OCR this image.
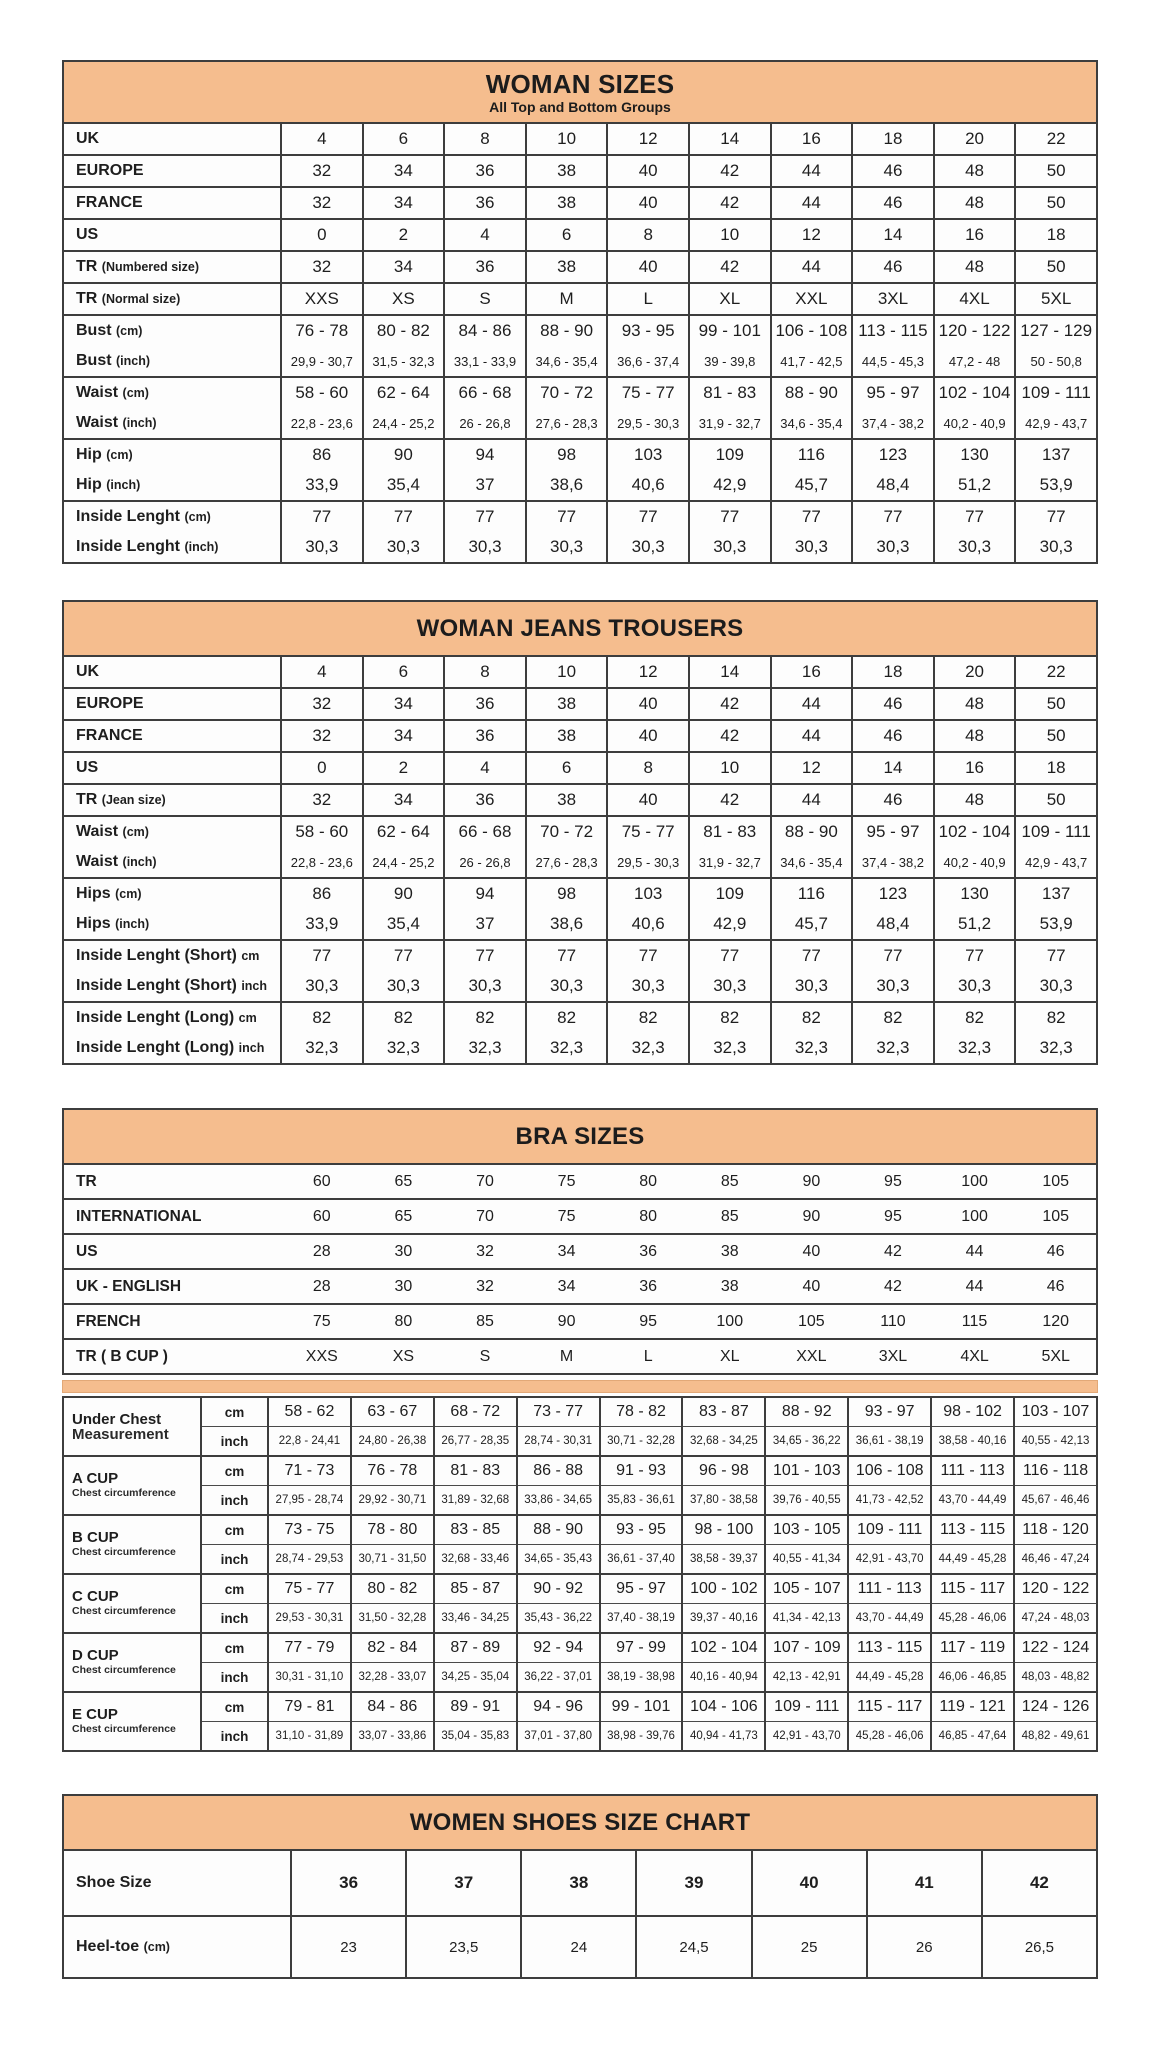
WOMAN SIZES
All Top and Bottom Groups
UK	4	6	8	10	12	14	16	18	20	22
EUROPE	32	34	36	38	40	42	44	46	48	50
FRANCE	32	34	36	38	40	42	44	46	48	50
US	0	2	4	6	8	10	12	14	16	18
TR (Numbered size)	32	34	36	38	40	42	44	46	48	50
TR (Normal size)	XXS	XS	S	M	L	XL	XXL	3XL	4XL	5XL
Bust (cm)	76 - 78	80 - 82	84 - 86	88 - 90	93 - 95	99 - 101	106 - 108	113 - 115	120 - 122	127 - 129
Bust (inch)	29,9 - 30,7	31,5 - 32,3	33,1 - 33,9	34,6 - 35,4	36,6 - 37,4	39 - 39,8	41,7 - 42,5	44,5 - 45,3	47,2 - 48	50 - 50,8
Waist (cm)	58 - 60	62 - 64	66 - 68	70 - 72	75 - 77	81 - 83	88 - 90	95 - 97	102 - 104	109 - 111
Waist (inch)	22,8 - 23,6	24,4 - 25,2	26 - 26,8	27,6 - 28,3	29,5 - 30,3	31,9 - 32,7	34,6 - 35,4	37,4 - 38,2	40,2 - 40,9	42,9 - 43,7
Hip (cm)	86	90	94	98	103	109	116	123	130	137
Hip (inch)	33,9	35,4	37	38,6	40,6	42,9	45,7	48,4	51,2	53,9
Inside Lenght (cm)	77	77	77	77	77	77	77	77	77	77
Inside Lenght (inch)	30,3	30,3	30,3	30,3	30,3	30,3	30,3	30,3	30,3	30,3
WOMAN JEANS TROUSERS
UK	4	6	8	10	12	14	16	18	20	22
EUROPE	32	34	36	38	40	42	44	46	48	50
FRANCE	32	34	36	38	40	42	44	46	48	50
US	0	2	4	6	8	10	12	14	16	18
TR (Jean size)	32	34	36	38	40	42	44	46	48	50
Waist (cm)	58 - 60	62 - 64	66 - 68	70 - 72	75 - 77	81 - 83	88 - 90	95 - 97	102 - 104	109 - 111
Waist (inch)	22,8 - 23,6	24,4 - 25,2	26 - 26,8	27,6 - 28,3	29,5 - 30,3	31,9 - 32,7	34,6 - 35,4	37,4 - 38,2	40,2 - 40,9	42,9 - 43,7
Hips (cm)	86	90	94	98	103	109	116	123	130	137
Hips (inch)	33,9	35,4	37	38,6	40,6	42,9	45,7	48,4	51,2	53,9
Inside Lenght (Short) cm	77	77	77	77	77	77	77	77	77	77
Inside Lenght (Short) inch	30,3	30,3	30,3	30,3	30,3	30,3	30,3	30,3	30,3	30,3
Inside Lenght (Long) cm	82	82	82	82	82	82	82	82	82	82
Inside Lenght (Long) inch	32,3	32,3	32,3	32,3	32,3	32,3	32,3	32,3	32,3	32,3
BRA SIZES
TR	60	65	70	75	80	85	90	95	100	105
INTERNATIONAL	60	65	70	75	80	85	90	95	100	105
US	28	30	32	34	36	38	40	42	44	46
UK - ENGLISH	28	30	32	34	36	38	40	42	44	46
FRENCH	75	80	85	90	95	100	105	110	115	120
TR ( B CUP )	XXS	XS	S	M	L	XL	XXL	3XL	4XL	5XL
Under Chest
Measurement	cm	58 - 62	63 - 67	68 - 72	73 - 77	78 - 82	83 - 87	88 - 92	93 - 97	98 - 102	103 - 107
	inch	22,8 - 24,41	24,80 - 26,38	26,77 - 28,35	28,74 - 30,31	30,71 - 32,28	32,68 - 34,25	34,65 - 36,22	36,61 - 38,19	38,58 - 40,16	40,55 - 42,13

A CUP
Chest circumference	cm	71 - 73	76 - 78	81 - 83	86 - 88	91 - 93	96 - 98	101 - 103	106 - 108	111 - 113	116 - 118
	inch	27,95 - 28,74	29,92 - 30,71	31,89 - 32,68	33,86 - 34,65	35,83 - 36,61	37,80 - 38,58	39,76 - 40,55	41,73 - 42,52	43,70 - 44,49	45,67 - 46,46

B CUP
Chest circumference	cm	73 - 75	78 - 80	83 - 85	88 - 90	93 - 95	98 - 100	103 - 105	109 - 111	113 - 115	118 - 120
	inch	28,74 - 29,53	30,71 - 31,50	32,68 - 33,46	34,65 - 35,43	36,61 - 37,40	38,58 - 39,37	40,55 - 41,34	42,91 - 43,70	44,49 - 45,28	46,46 - 47,24

C CUP
Chest circumference	cm	75 - 77	80 - 82	85 - 87	90 - 92	95 - 97	100 - 102	105 - 107	111 - 113	115 - 117	120 - 122
	inch	29,53 - 30,31	31,50 - 32,28	33,46 - 34,25	35,43 - 36,22	37,40 - 38,19	39,37 - 40,16	41,34 - 42,13	43,70 - 44,49	45,28 - 46,06	47,24 - 48,03

D CUP
Chest circumference	cm	77 - 79	82 - 84	87 - 89	92 - 94	97 - 99	102 - 104	107 - 109	113 - 115	117 - 119	122 - 124
	inch	30,31 - 31,10	32,28 - 33,07	34,25 - 35,04	36,22 - 37,01	38,19 - 38,98	40,16 - 40,94	42,13 - 42,91	44,49 - 45,28	46,06 - 46,85	48,03 - 48,82

E CUP
Chest circumference	cm	79 - 81	84 - 86	89 - 91	94 - 96	99 - 101	104 - 106	109 - 111	115 - 117	119 - 121	124 - 126
	inch	31,10 - 31,89	33,07 - 33,86	35,04 - 35,83	37,01 - 37,80	38,98 - 39,76	40,94 - 41,73	42,91 - 43,70	45,28 - 46,06	46,85 - 47,64	48,82 - 49,61
WOMEN SHOES SIZE CHART
Shoe Size	36	37	38	39	40	41	42
Heel-toe (cm)	23	23,5	24	24,5	25	26	26,5
